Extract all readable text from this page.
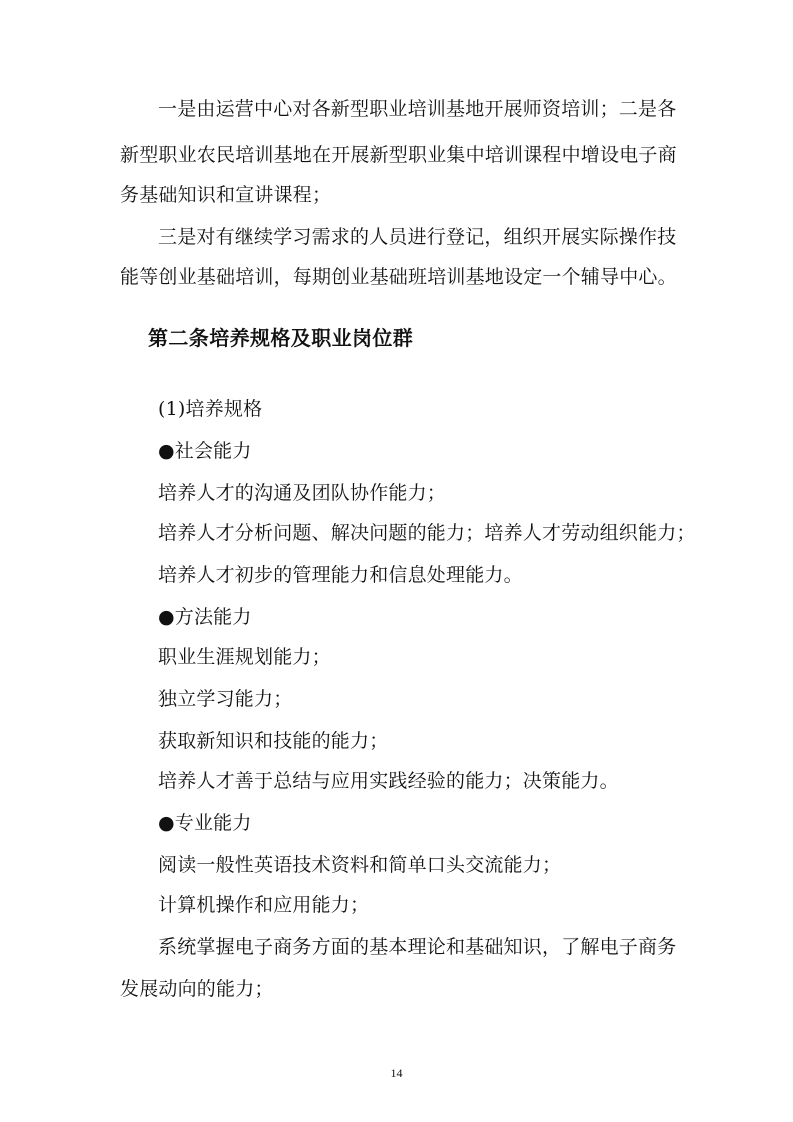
一是由运营中心对各新型职业培训基地开展师资培训；二是各
新型职业农民培训基地在开展新型职业集中培训课程中增设电子商
务基础知识和宣讲课程；
三是对有继续学习需求的人员进行登记，组织开展实际操作技
能等创业基础培训，每期创业基础班培训基地设定一个辅导中心。
第二条培养规格及职业岗位群
(1)培养规格
●社会能力
培养人才的沟通及团队协作能力；
培养人才分析问题、解决问题的能力；培养人才劳动组织能力；
培养人才初步的管理能力和信息处理能力。
●方法能力
职业生涯规划能力；
独立学习能力；
获取新知识和技能的能力；
培养人才善于总结与应用实践经验的能力；决策能力。
●专业能力
阅读一般性英语技术资料和简单口头交流能力；
计算机操作和应用能力；
系统掌握电子商务方面的基本理论和基础知识，了解电子商务
发展动向的能力；
14
